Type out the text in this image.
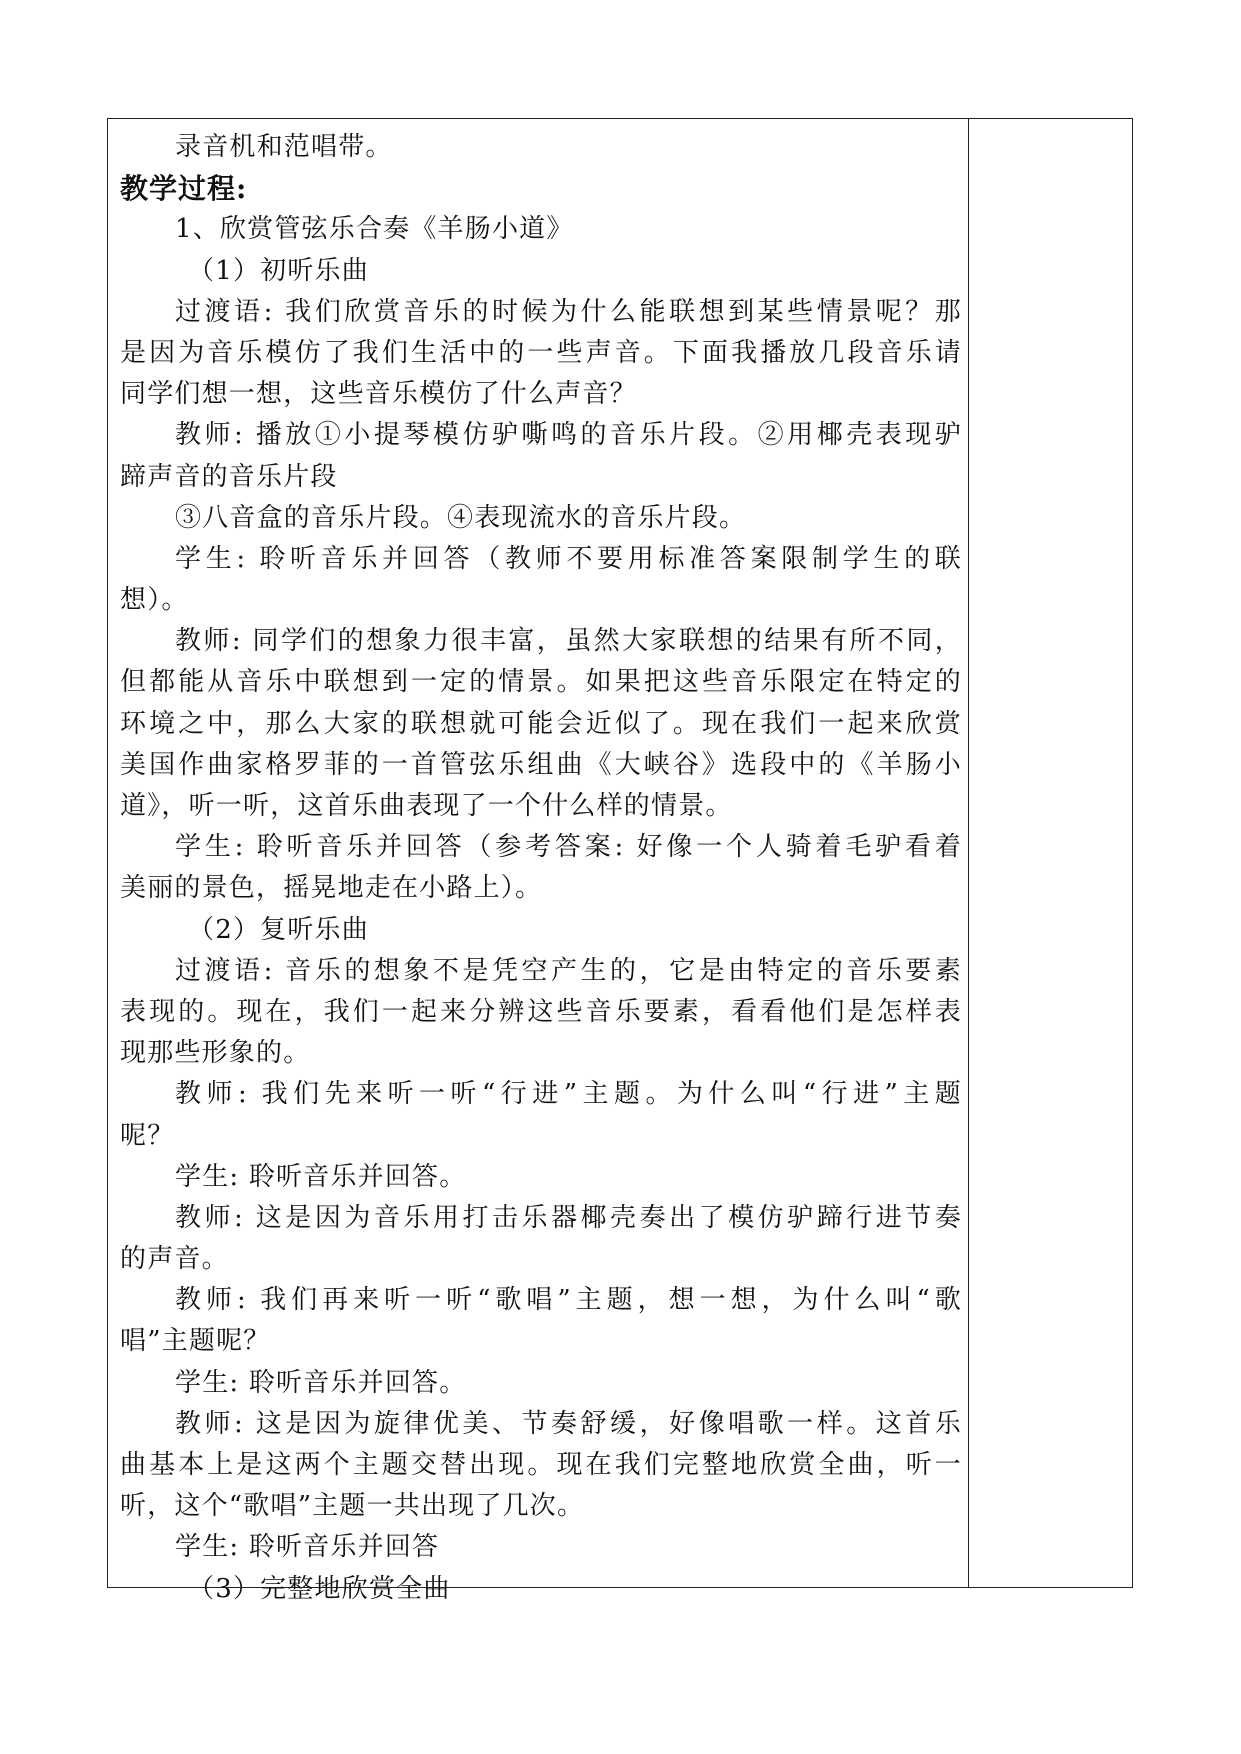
录音机和范唱带。
教学过程:
1、欣赏管弦乐合奏《羊肠小道》
（1）初听乐曲
过渡语: 我们欣赏音乐的时候为什么能联想到某些情景呢？那
是因为音乐模仿了我们生活中的一些声音。下面我播放几段音乐请
同学们想一想，这些音乐模仿了什么声音？
教师: 播放①小提琴模仿驴嘶鸣的音乐片段。②用椰壳表现驴
蹄声音的音乐片段
③八音盒的音乐片段。④表现流水的音乐片段。
学生: 聆听音乐并回答（教师不要用标准答案限制学生的联
想）。
教师: 同学们的想象力很丰富，虽然大家联想的结果有所不同，
但都能从音乐中联想到一定的情景。如果把这些音乐限定在特定的
环境之中，那么大家的联想就可能会近似了。现在我们一起来欣赏
美国作曲家格罗菲的一首管弦乐组曲《大峡谷》选段中的《羊肠小
道》，听一听，这首乐曲表现了一个什么样的情景。
学生: 聆听音乐并回答（参考答案: 好像一个人骑着毛驴看着
美丽的景色，摇晃地走在小路上）。
（2）复听乐曲
过渡语: 音乐的想象不是凭空产生的，它是由特定的音乐要素
表现的。现在，我们一起来分辨这些音乐要素，看看他们是怎样表
现那些形象的。
教师: 我们先来听一听“行进”主题。为什么叫“行进”主题
呢？
学生: 聆听音乐并回答。
教师: 这是因为音乐用打击乐器椰壳奏出了模仿驴蹄行进节奏
的声音。
教师: 我们再来听一听“歌唱”主题，想一想，为什么叫“歌
唱”主题呢？
学生: 聆听音乐并回答。
教师: 这是因为旋律优美、节奏舒缓，好像唱歌一样。这首乐
曲基本上是这两个主题交替出现。现在我们完整地欣赏全曲，听一
听，这个“歌唱”主题一共出现了几次。
学生: 聆听音乐并回答
（3）完整地欣赏全曲
